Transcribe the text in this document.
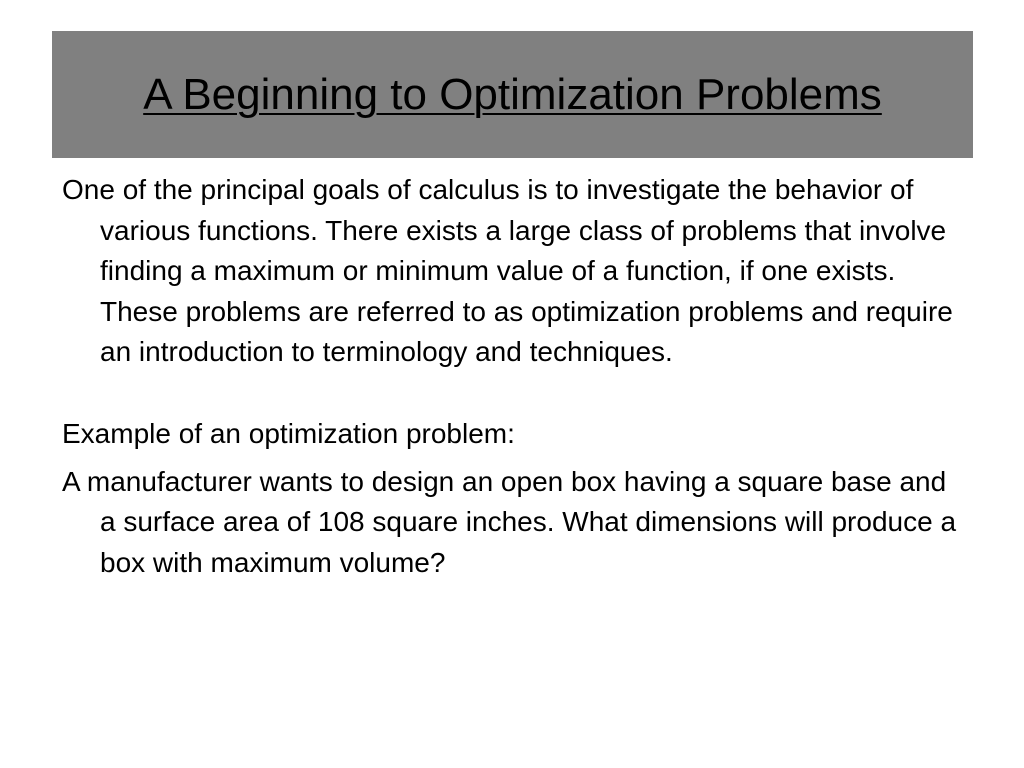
A Beginning to Optimization Problems

One of the principal goals of calculus is to investigate the behavior of various functions. There exists a large class of problems that involve finding a maximum or minimum value of a function, if one exists. These problems are referred to as optimization problems and require an introduction to terminology and techniques.

Example of an optimization problem:

A manufacturer wants to design an open box having a square base and a surface area of 108 square inches. What dimensions will produce a box with maximum volume?
